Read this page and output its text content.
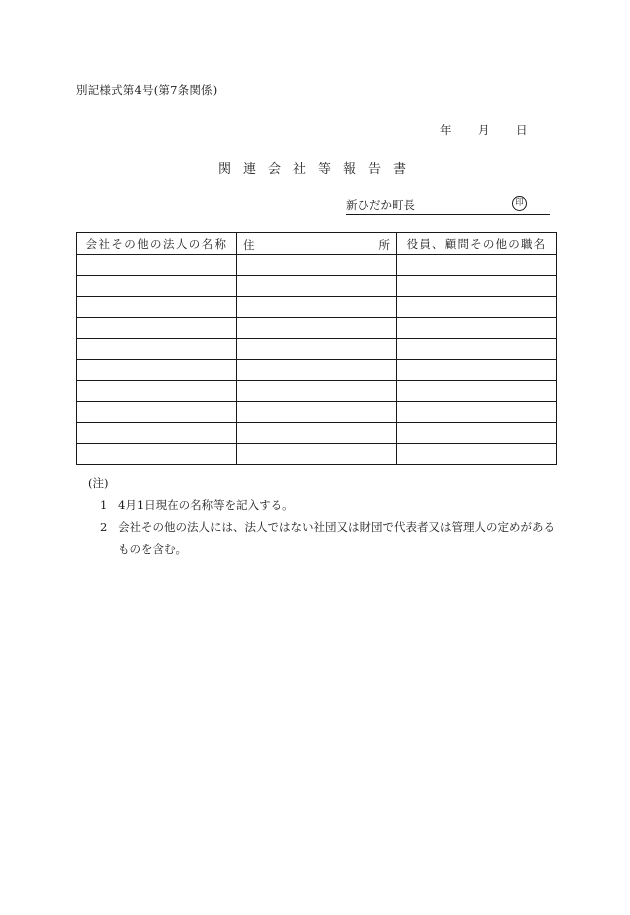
別記様式第4号(第7条関係)
年 月 日
関連会社等報告書
新ひだか町長	印
会社その他の法人の名称	住 所	役員、顧問その他の職名

(注)
1 4月1日現在の名称等を記入する。
2 会社その他の法人には、法人ではない社団又は財団で代表者又は管理人の定めがあるものを含む。
